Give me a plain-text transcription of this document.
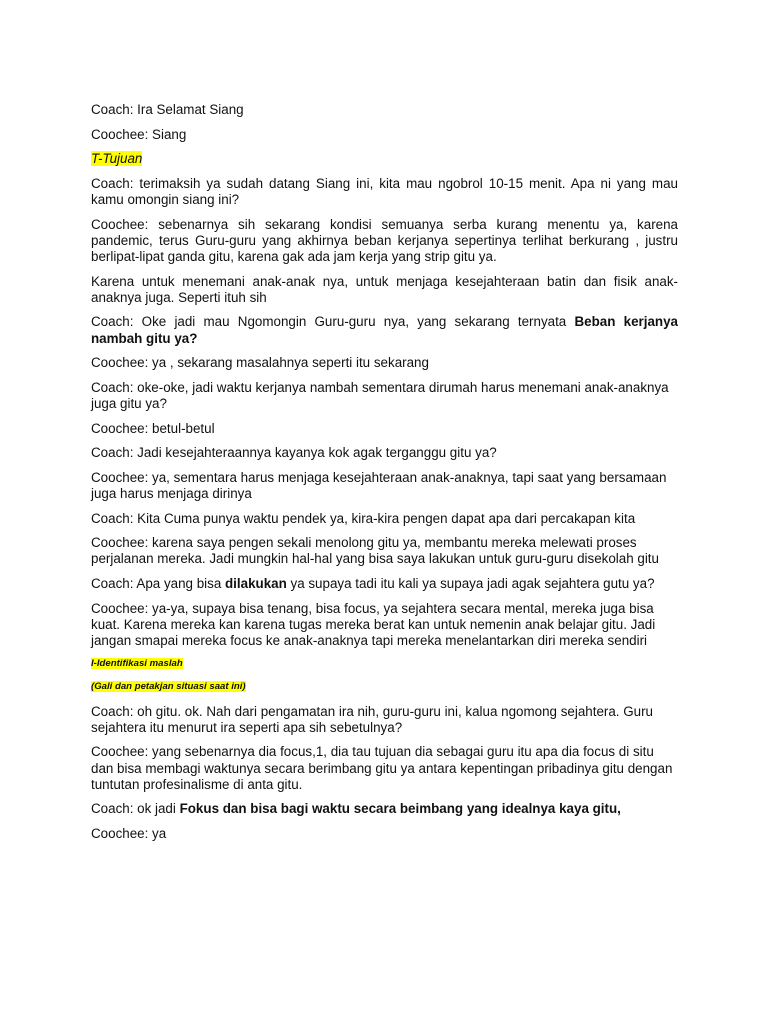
Coach: Ira Selamat Siang

Coochee: Siang

T-Tujuan

Coach: terimaksih ya sudah datang Siang ini, kita mau ngobrol 10-15 menit. Apa ni yang mau kamu omongin siang ini?

Coochee: sebenarnya sih sekarang kondisi semuanya serba kurang menentu ya, karena pandemic, terus Guru-guru yang akhirnya beban kerjanya sepertinya terlihat berkurang , justru berlipat-lipat ganda gitu, karena gak ada jam kerja yang strip gitu ya.

Karena untuk menemani anak-anak nya, untuk menjaga kesejahteraan batin dan fisik anak-anaknya juga. Seperti ituh sih

Coach: Oke jadi mau Ngomongin Guru-guru nya, yang sekarang ternyata Beban kerjanya nambah gitu ya?

Coochee: ya , sekarang masalahnya seperti itu sekarang

Coach: oke-oke, jadi waktu kerjanya nambah sementara dirumah harus menemani anak-anaknya juga gitu ya?

Coochee: betul-betul

Coach: Jadi kesejahteraannya kayanya kok agak terganggu gitu ya?

Coochee: ya, sementara harus menjaga kesejahteraan anak-anaknya, tapi saat yang bersamaan juga harus menjaga dirinya

Coach: Kita Cuma punya waktu pendek ya, kira-kira pengen dapat apa dari percakapan kita

Coochee: karena saya pengen sekali menolong gitu ya, membantu mereka melewati proses perjalanan mereka. Jadi mungkin hal-hal yang bisa saya lakukan untuk guru-guru disekolah gitu

Coach: Apa yang bisa dilakukan ya supaya tadi itu kali ya supaya jadi agak sejahtera gutu ya?

Coochee: ya-ya, supaya bisa tenang, bisa focus, ya sejahtera secara mental, mereka juga bisa kuat. Karena mereka kan karena tugas mereka berat kan untuk nemenin anak belajar gitu. Jadi jangan smapai mereka focus ke anak-anaknya tapi mereka menelantarkan diri mereka sendiri

I-Identifikasi maslah

(Gali dan petakjan situasi saat ini)

Coach: oh gitu. ok. Nah dari pengamatan ira nih, guru-guru ini, kalua ngomong sejahtera. Guru sejahtera itu menurut ira seperti apa sih sebetulnya?

Coochee: yang sebenarnya dia focus,1, dia tau tujuan dia sebagai guru itu apa dia focus di situ dan bisa membagi waktunya secara berimbang gitu ya antara kepentingan pribadinya gitu dengan tuntutan profesinalisme di anta gitu.

Coach: ok jadi Fokus dan bisa bagi waktu secara beimbang yang idealnya kaya gitu,

Coochee: ya
